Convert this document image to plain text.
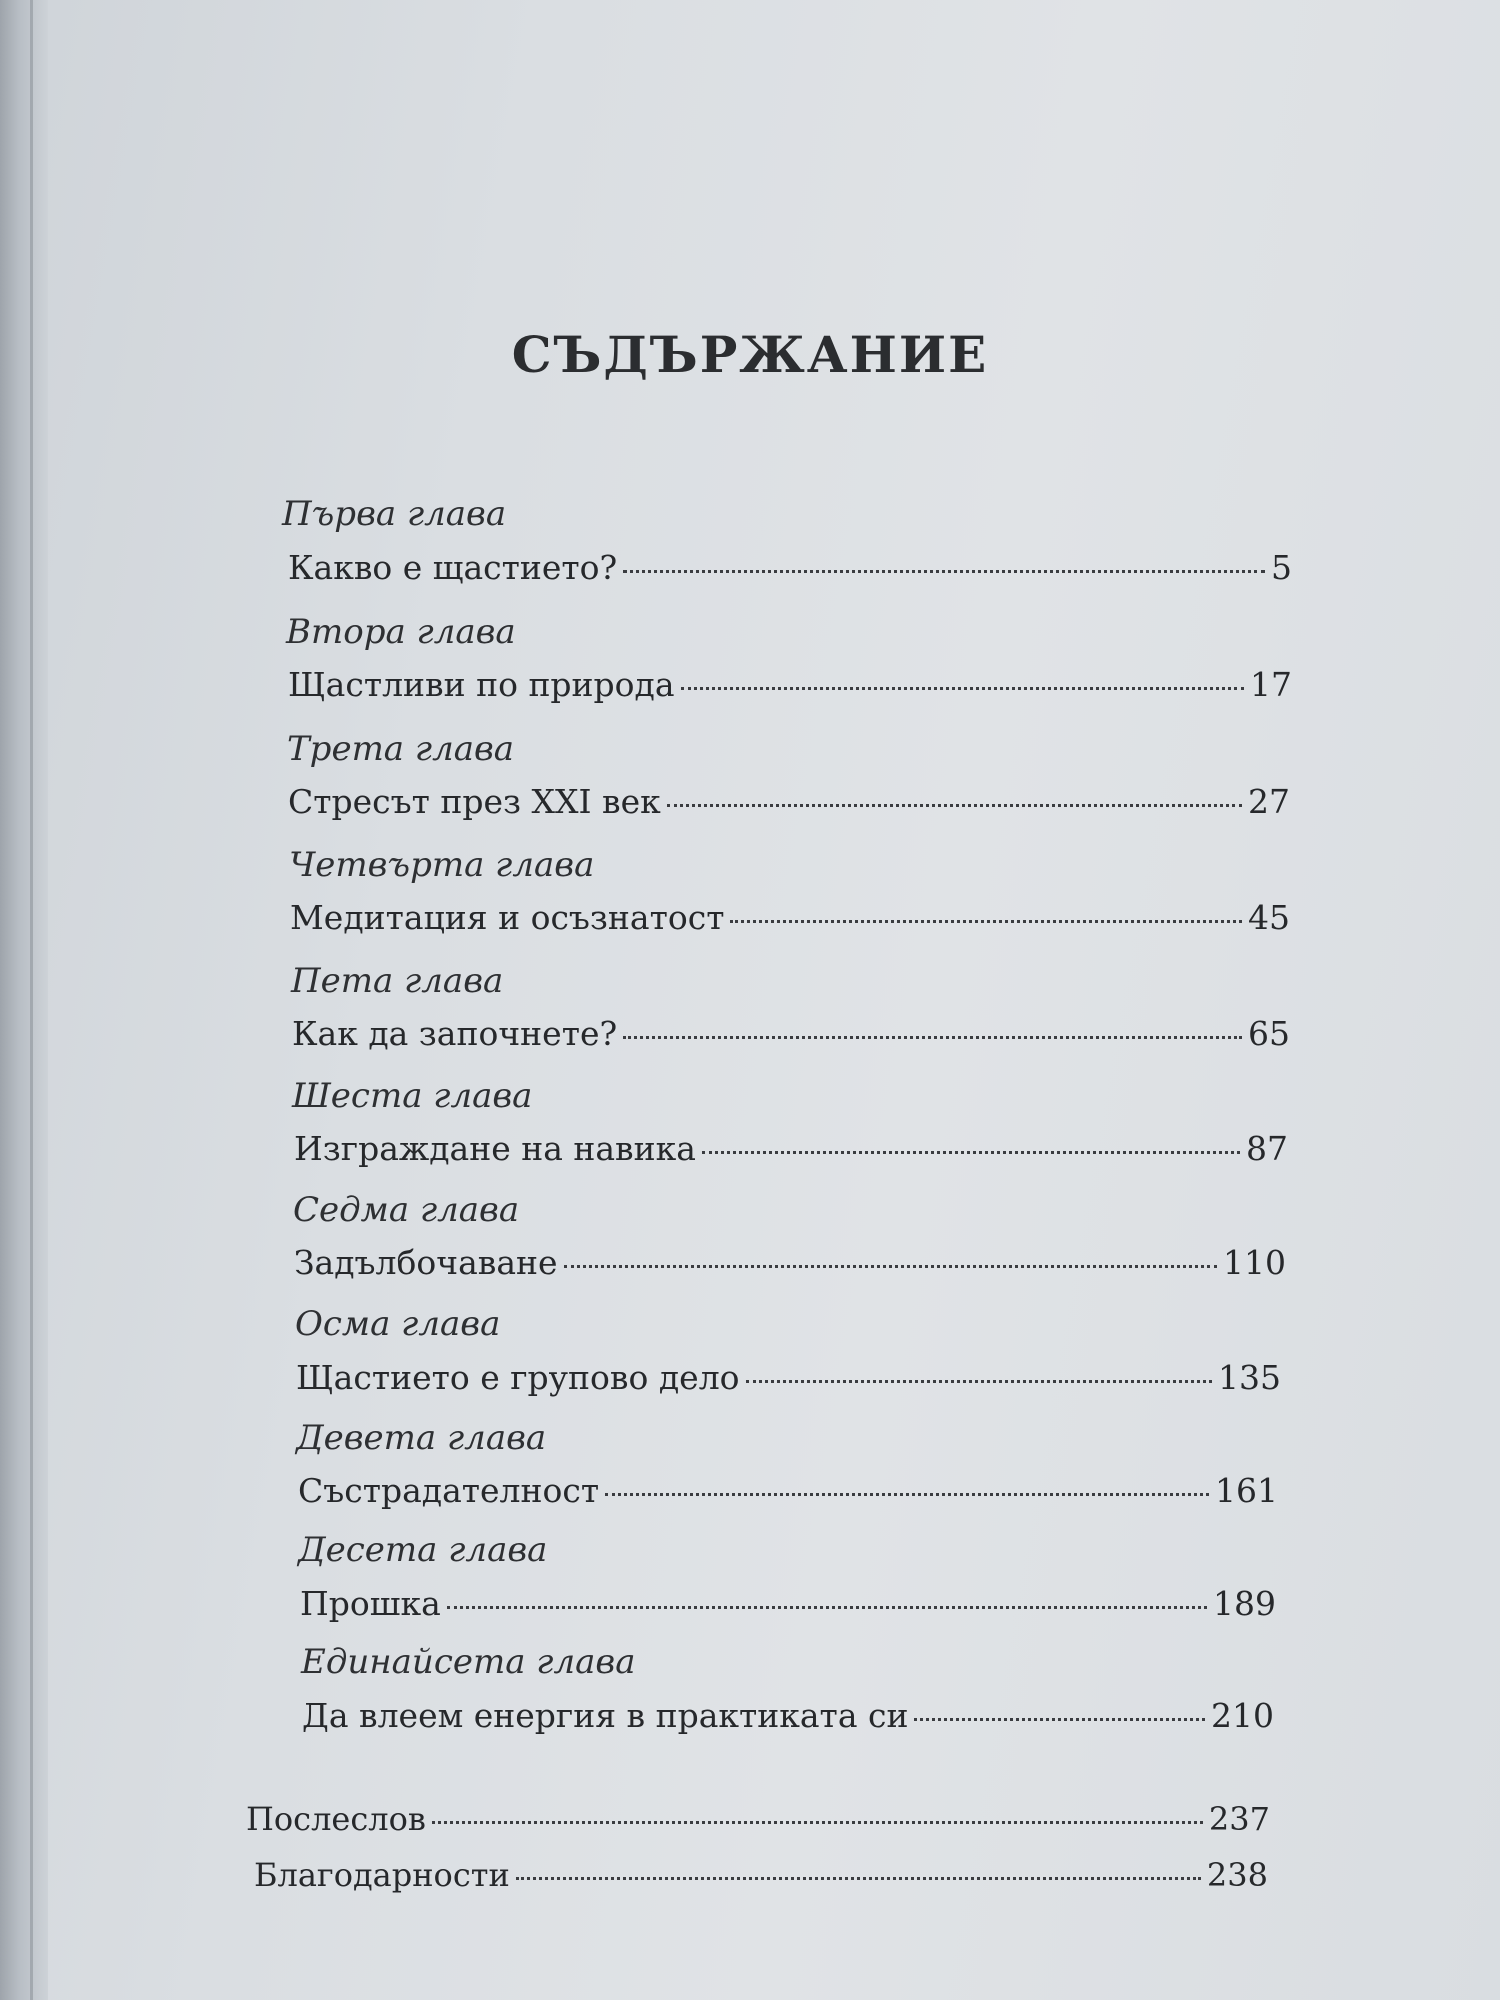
СЪДЪРЖАНИЕ
Първа глава
Какво е щастието?	5
Втора глава
Щастливи по природа	17
Трета глава
Стресът през XXI век	27
Четвърта глава
Медитация и осъзнатост	45
Пета глава
Как да започнете?	65
Шеста глава
Изграждане на навика	87
Седма глава
Задълбочаване	110
Осма глава
Щастието е групово дело	135
Девета глава
Състрадателност	161
Десета глава
Прошка	189
Единайсета глава
Да влеем енергия в практиката си	210
Послеслов	237
Благодарности	238
